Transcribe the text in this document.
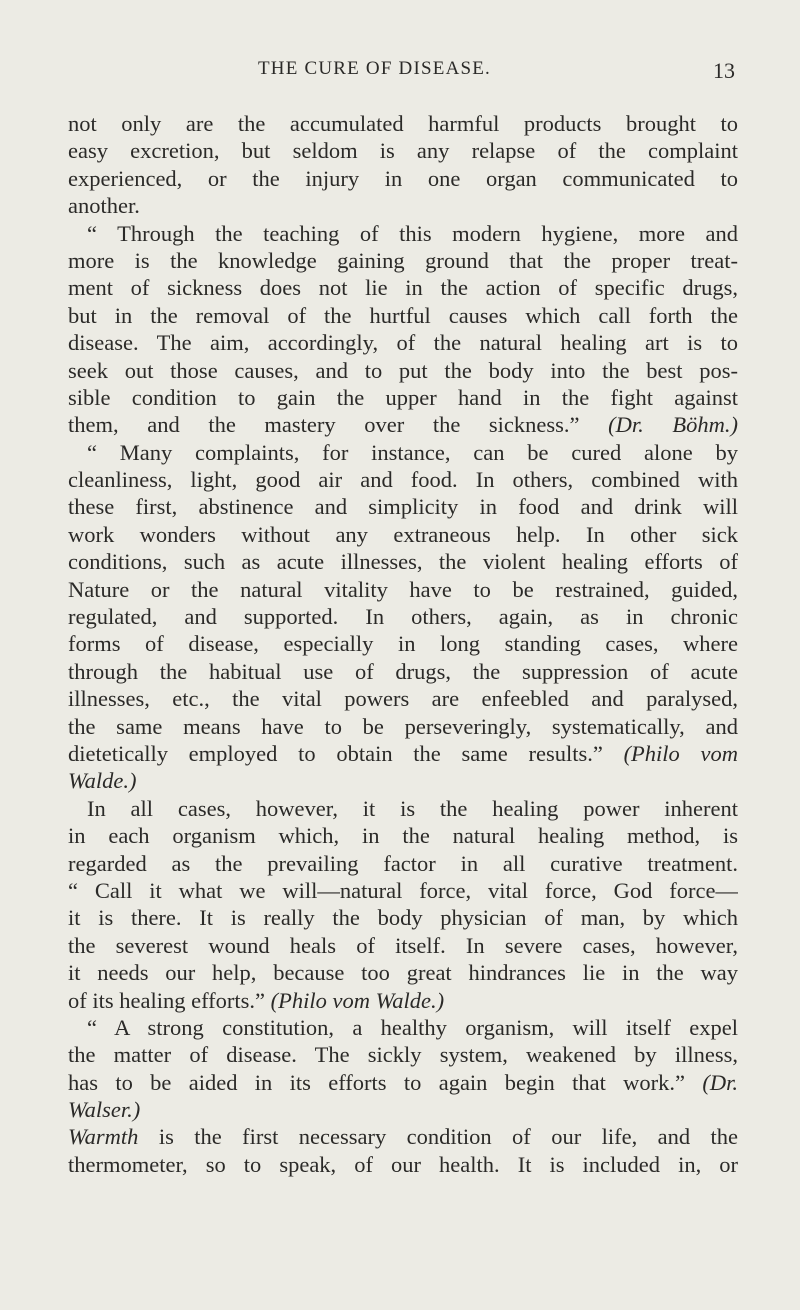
THE CURE OF DISEASE.	13
not only are the accumulated harmful products brought to
easy excretion, but seldom is any relapse of the complaint
experienced, or the injury in one organ communicated to
another.
“ Through the teaching of this modern hygiene, more and
more is the knowledge gaining ground that the proper treat-
ment of sickness does not lie in the action of specific drugs,
but in the removal of the hurtful causes which call forth the
disease. The aim, accordingly, of the natural healing art is to
seek out those causes, and to put the body into the best pos-
sible condition to gain the upper hand in the fight against
them, and the mastery over the sickness.” (Dr. Böhm.)
“ Many complaints, for instance, can be cured alone by
cleanliness, light, good air and food. In others, combined with
these first, abstinence and simplicity in food and drink will
work wonders without any extraneous help. In other sick
conditions, such as acute illnesses, the violent healing efforts of
Nature or the natural vitality have to be restrained, guided,
regulated, and supported. In others, again, as in chronic
forms of disease, especially in long standing cases, where
through the habitual use of drugs, the suppression of acute
illnesses, etc., the vital powers are enfeebled and paralysed,
the same means have to be perseveringly, systematically, and
dietetically employed to obtain the same results.” (Philo vom
Walde.)
In all cases, however, it is the healing power inherent
in each organism which, in the natural healing method, is
regarded as the prevailing factor in all curative treatment.
“ Call it what we will—natural force, vital force, God force—
it is there. It is really the body physician of man, by which
the severest wound heals of itself. In severe cases, however,
it needs our help, because too great hindrances lie in the way
of its healing efforts.” (Philo vom Walde.)
“ A strong constitution, a healthy organism, will itself expel
the matter of disease. The sickly system, weakened by illness,
has to be aided in its efforts to again begin that work.” (Dr.
Walser.)
Warmth is the first necessary condition of our life, and the
thermometer, so to speak, of our health. It is included in, or
